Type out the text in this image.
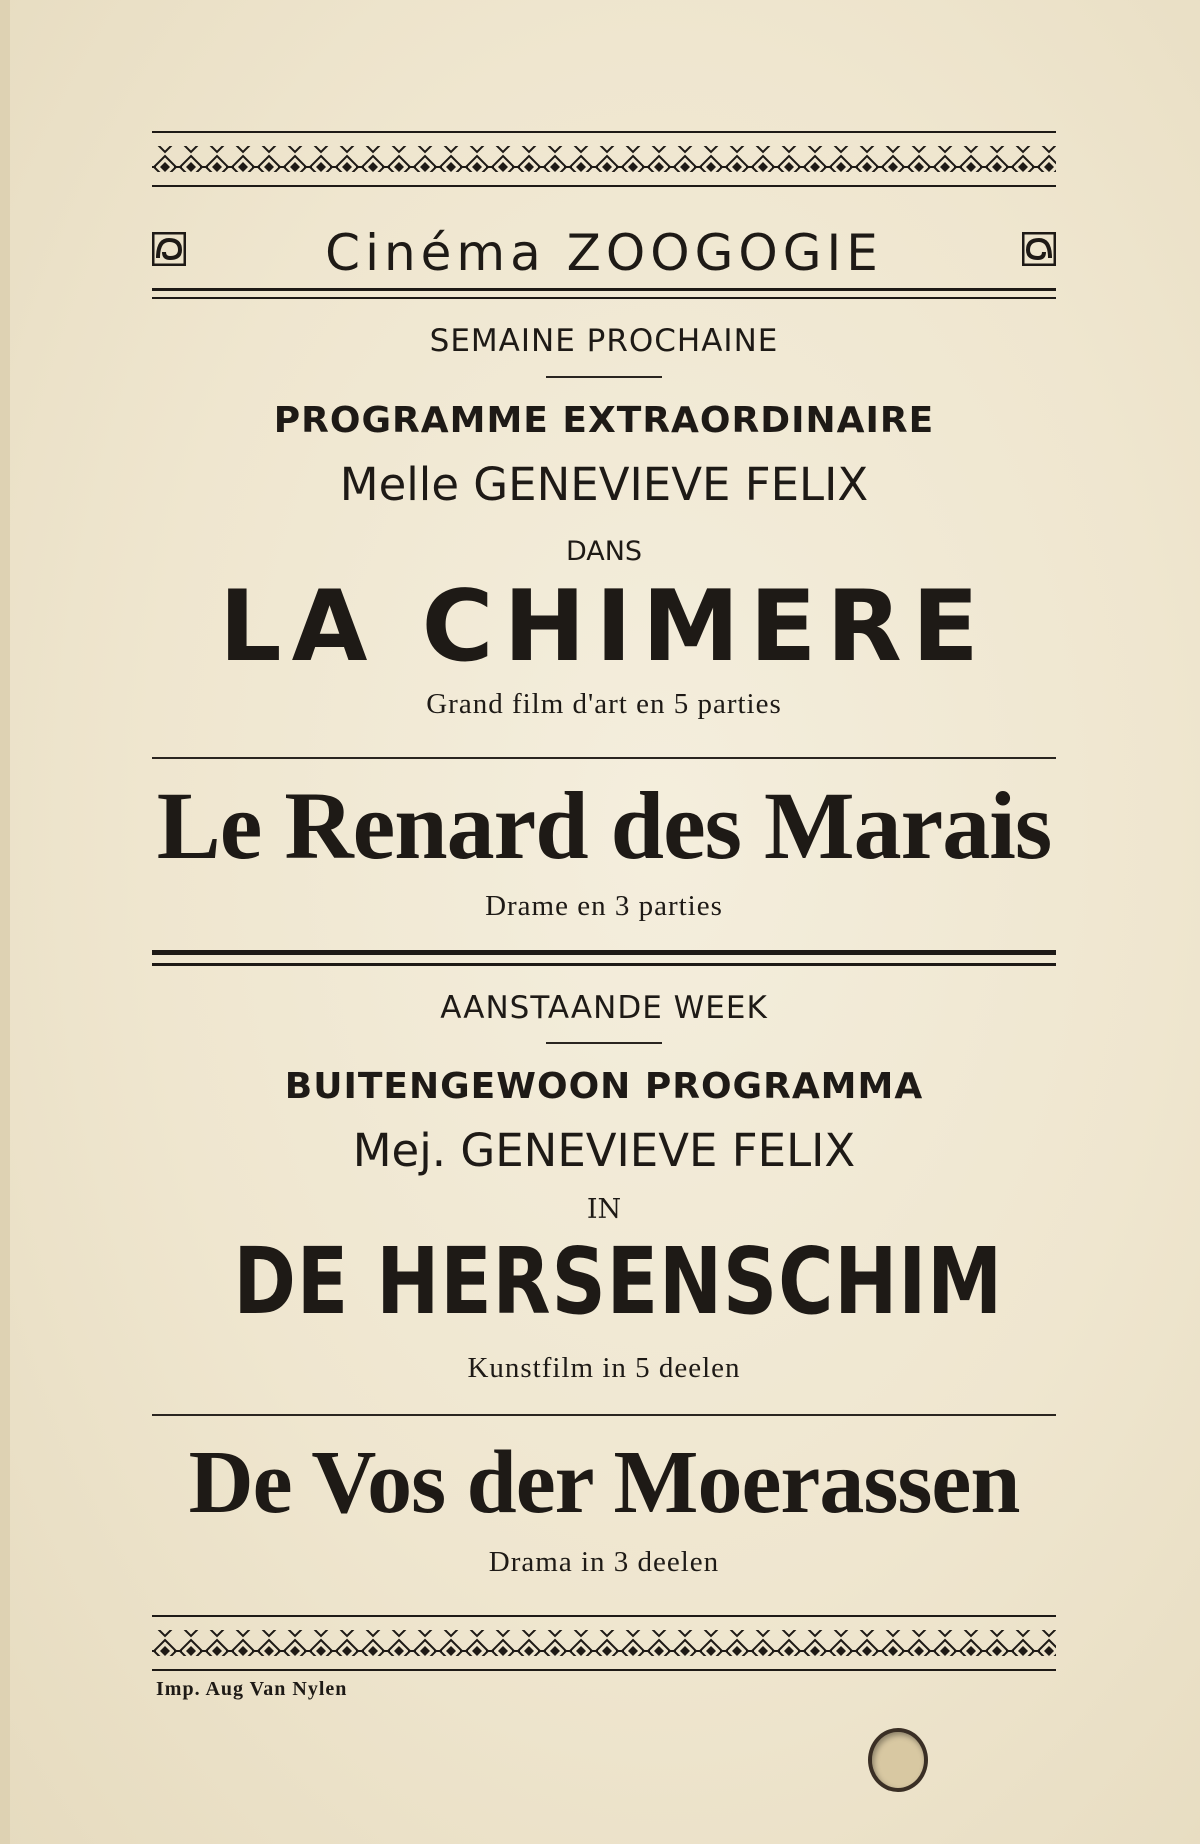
Cinéma ZOOGOGIE
SEMAINE PROCHAINE
PROGRAMME EXTRAORDINAIRE
Melle GENEVIEVE FELIX
DANS
LA CHIMERE
Grand film d'art en 5 parties
Le Renard des Marais
Drame en 3 parties
AANSTAANDE WEEK
BUITENGEWOON PROGRAMMA
Mej. GENEVIEVE FELIX
IN
DE HERSENSCHIM
Kunstfilm in 5 deelen
De Vos der Moerassen
Drama in 3 deelen
Imp. Aug Van Nylen
